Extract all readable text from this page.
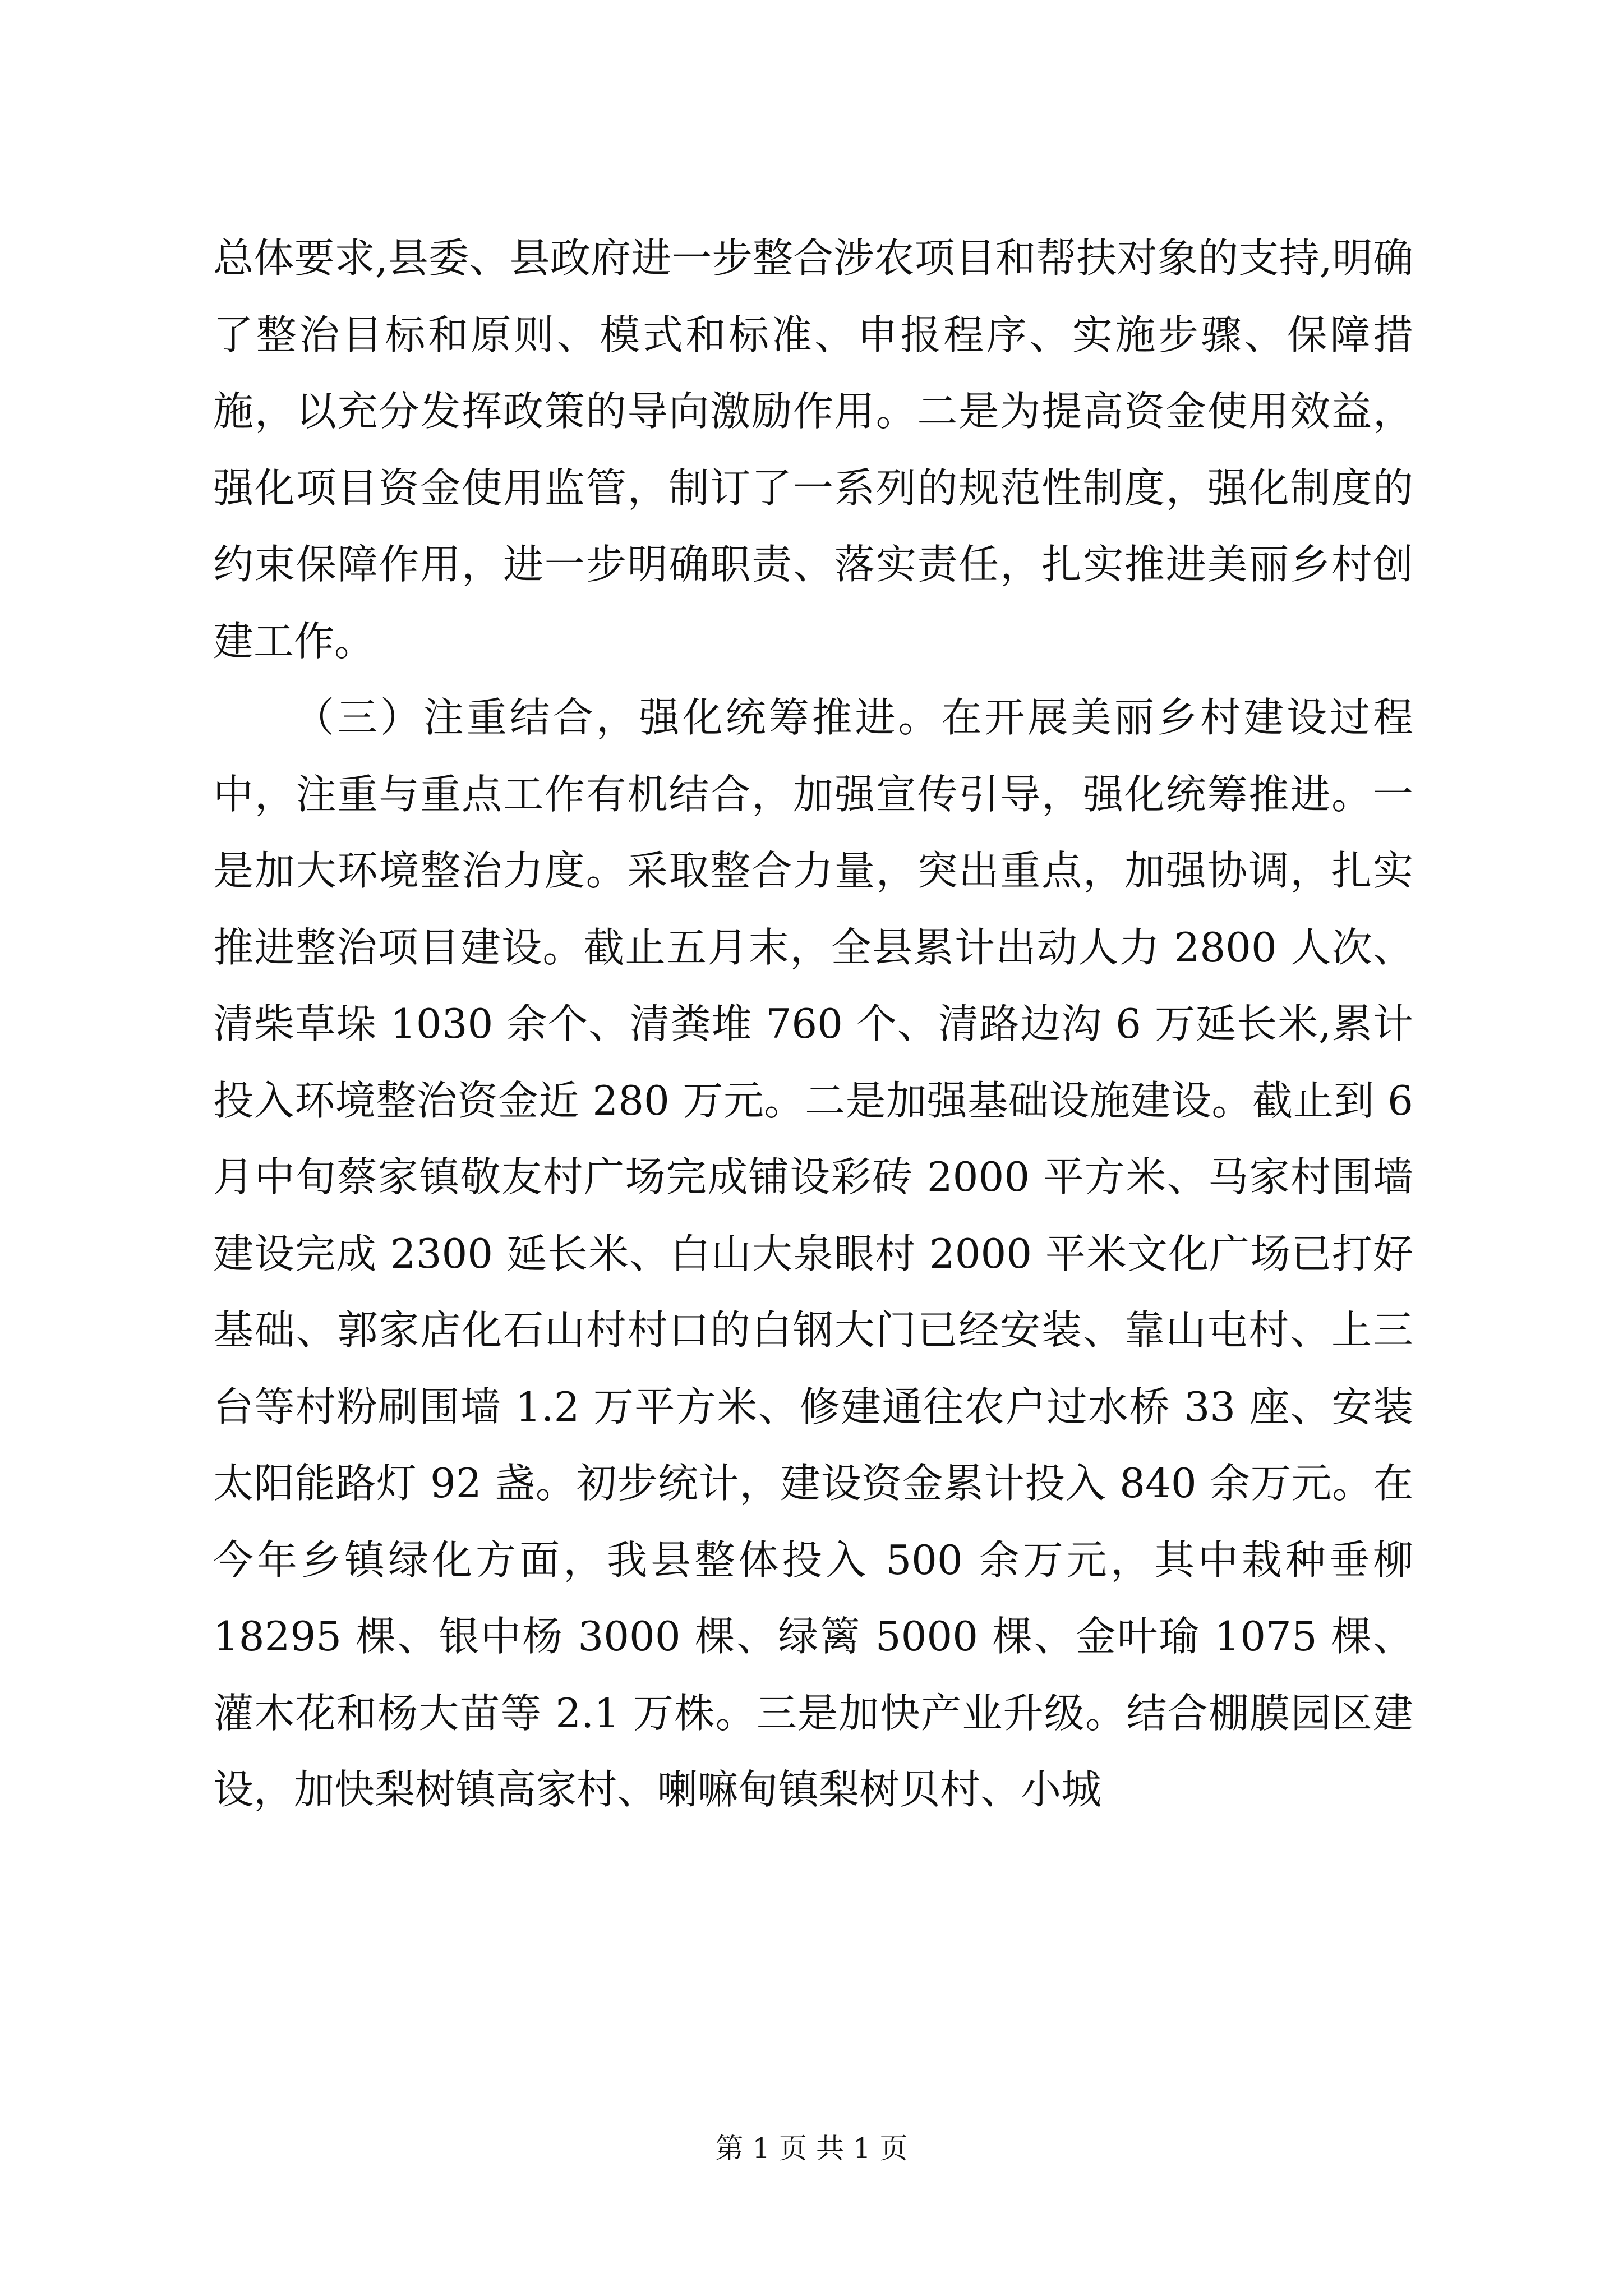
总体要求,县委、县政府进一步整合涉农项目和帮扶对象的支持,明确了整治目标和原则、模式和标准、申报程序、实施步骤、保障措施，以充分发挥政策的导向激励作用。二是为提高资金使用效益，强化项目资金使用监管，制订了一系列的规范性制度，强化制度的约束保障作用，进一步明确职责、落实责任，扎实推进美丽乡村创建工作。

（三）注重结合，强化统筹推进。在开展美丽乡村建设过程中，注重与重点工作有机结合，加强宣传引导，强化统筹推进。一是加大环境整治力度。采取整合力量，突出重点，加强协调，扎实推进整治项目建设。截止五月末，全县累计出动人力 2800 人次、清柴草垛 1030 余个、清粪堆 760 个、清路边沟 6 万延长米,累计投入环境整治资金近 280 万元。二是加强基础设施建设。截止到 6 月中旬蔡家镇敬友村广场完成铺设彩砖 2000 平方米、马家村围墙建设完成 2300 延长米、白山大泉眼村 2000 平米文化广场已打好基础、郭家店化石山村村口的白钢大门已经安装、靠山屯村、上三台等村粉刷围墙 1.2 万平方米、修建通往农户过水桥 33 座、安装太阳能路灯 92 盏。初步统计，建设资金累计投入 840 余万元。在今年乡镇绿化方面，我县整体投入 500 余万元，其中栽种垂柳 18295 棵、银中杨 3000 棵、绿篱 5000 棵、金叶瑜 1075 棵、灌木花和杨大苗等 2.1 万株。三是加快产业升级。结合棚膜园区建设，加快梨树镇高家村、喇嘛甸镇梨树贝村、小城

第 1 页 共 1 页
